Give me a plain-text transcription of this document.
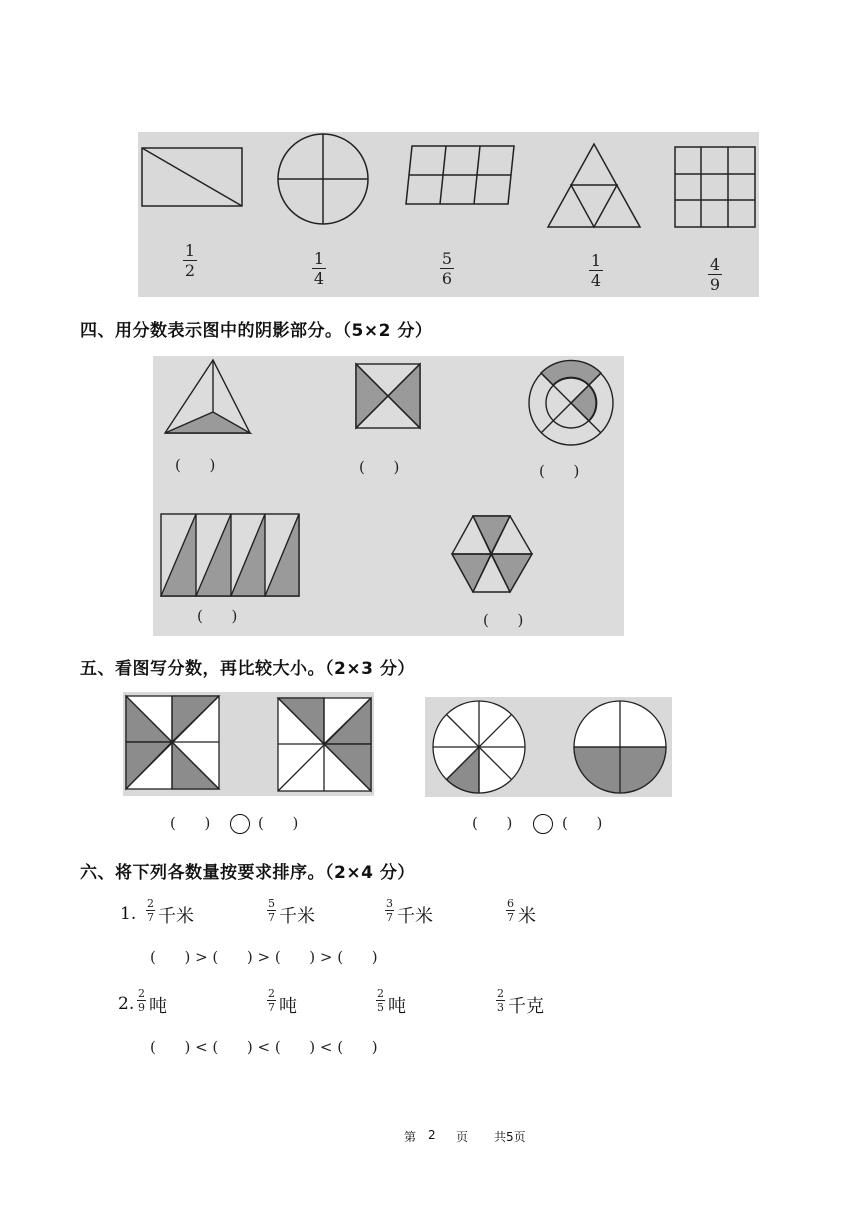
1
2
1
4
5
6
1
4
4
9
四、用分数表示图中的阴影部分。（5×2 分）
(      )	(      )	(      )
(      )	(      )
五、看图写分数，再比较大小。（2×3 分）
(      )	(      )	(      )	(      )
六、将下列各数量按要求排序。（2×4 分）
1.
2
7 千米
5
7 千米
3
7 千米
6
7 米
(      ) > (      ) > (      ) > (      )
2.
2
9 吨
2
7 吨
2
5 吨
2
3 千克
(      ) < (      ) < (      ) < (      )
第 2 页 共5页
